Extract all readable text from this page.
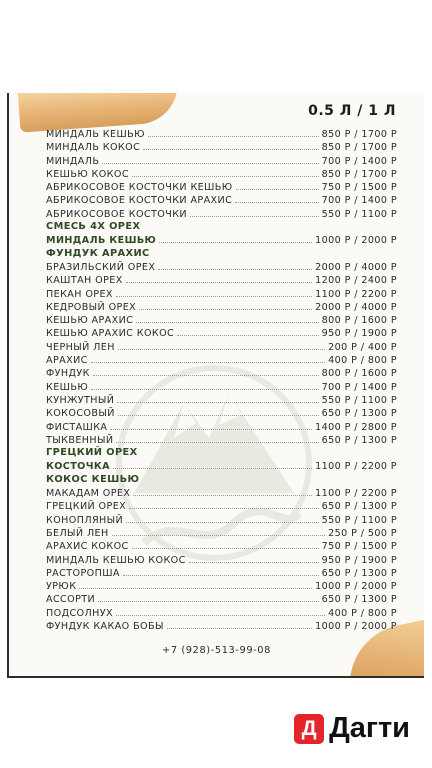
0.5 Л / 1 Л
МИНДАЛЬ КЕШЬЮ	850 Р / 1700 Р
МИНДАЛЬ КОКОС	850 Р / 1700 Р
МИНДАЛЬ	700 Р / 1400 Р
КЕШЬЮ КОКОС	850 Р / 1700 Р
АБРИКОСОВОЕ КОСТОЧКИ КЕШЬЮ	750 Р / 1500 Р
АБРИКОСОВОЕ КОСТОЧКИ АРАХИС	700 Р / 1400 Р
АБРИКОСОВОЕ КОСТОЧКИ	550 Р / 1100 Р
СМЕСЬ 4Х ОРЕХ
МИНДАЛЬ КЕШЬЮ	1000 Р / 2000 Р
ФУНДУК АРАХИС
БРАЗИЛЬСКИЙ ОРЕХ	2000 Р / 4000 Р
КАШТАН ОРЕХ	1200 Р / 2400 Р
ПЕКАН ОРЕХ	1100 Р / 2200 Р
КЕДРОВЫЙ ОРЕХ	2000 Р / 4000 Р
КЕШЬЮ АРАХИС	800 Р / 1600 Р
КЕШЬЮ АРАХИС КОКОС	950 Р / 1900 Р
ЧЕРНЫЙ ЛЕН	200 Р / 400 Р
АРАХИС	400 Р / 800 Р
ФУНДУК	800 Р / 1600 Р
КЕШЬЮ	700 Р / 1400 Р
КУНЖУТНЫЙ	550 Р / 1100 Р
КОКОСОВЫЙ	650 Р / 1300 Р
ФИСТАШКА	1400 Р / 2800 Р
ТЫКВЕННЫЙ	650 Р / 1300 Р
ГРЕЦКИЙ ОРЕХ
КОСТОЧКА	1100 Р / 2200 Р
КОКОС КЕШЬЮ
МАКАДАМ ОРЕХ	1100 Р / 2200 Р
ГРЕЦКИЙ ОРЕХ	650 Р / 1300 Р
КОНОПЛЯНЫЙ	550 Р / 1100 Р
БЕЛЫЙ ЛЕН	250 Р / 500 Р
АРАХИС КОКОС	750 Р / 1500 Р
МИНДАЛЬ КЕШЬЮ КОКОС	950 Р / 1900 Р
РАСТОРОПША	650 Р / 1300 Р
УРЮК	1000 Р / 2000 Р
АССОРТИ	650 Р / 1300 Р
ПОДСОЛНУХ	400 Р / 800 Р
ФУНДУК КАКАО БОБЫ	1000 Р / 2000 Р
+7 (928)-513-99-08
Д Дагти
